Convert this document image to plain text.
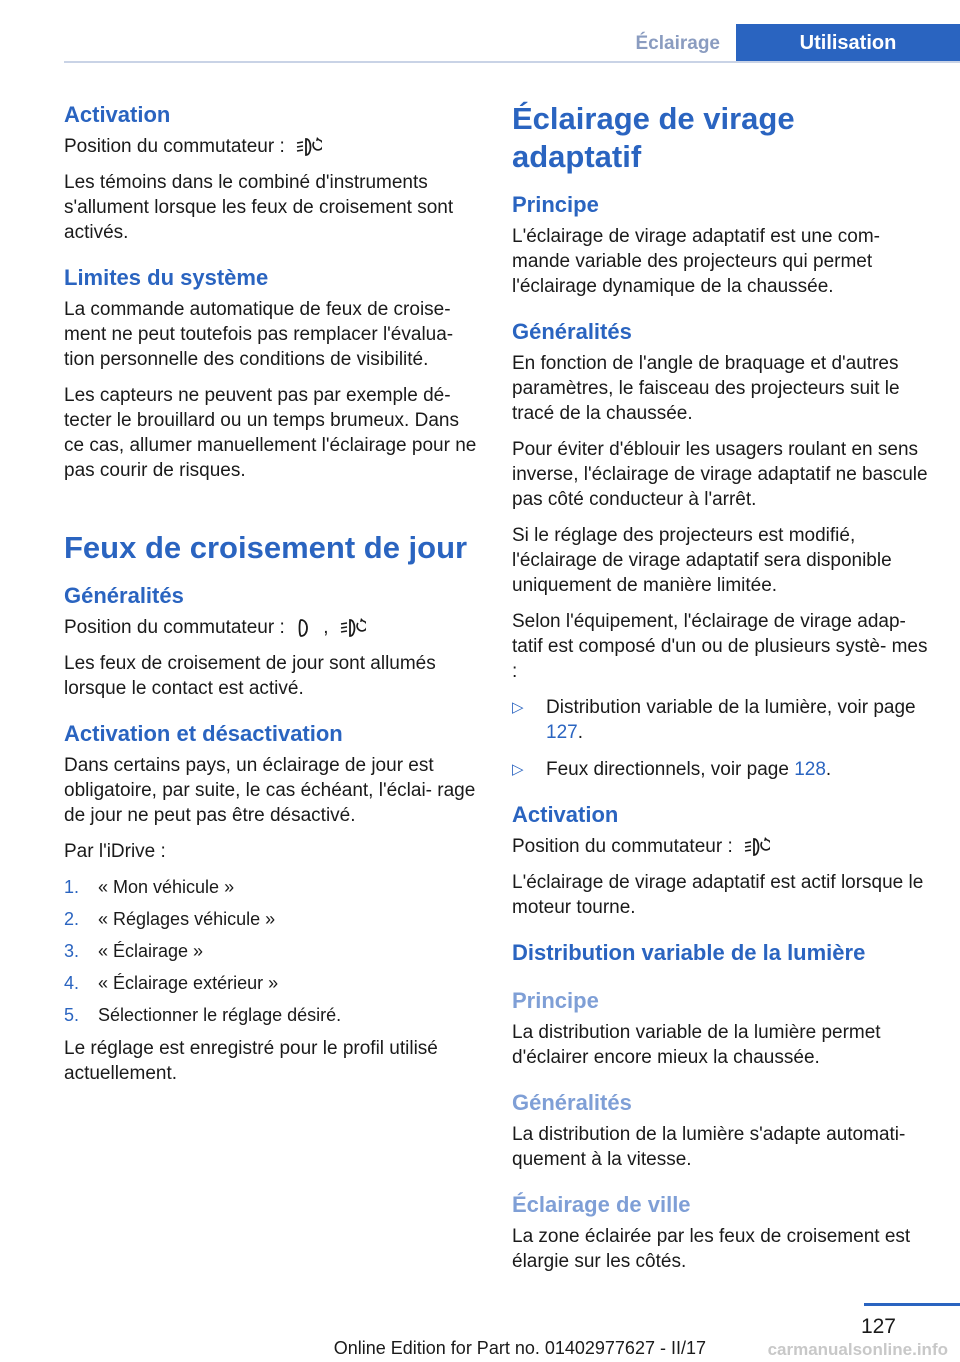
Éclairage	Utilisation
Activation

Position du commutateur :

Les témoins dans le combiné d'instruments s'allument lorsque les feux de croisement sont activés.

Limites du système

La commande automatique de feux de croise‐ ment ne peut toutefois pas remplacer l'évalua‐ tion personnelle des conditions de visibilité.

Les capteurs ne peuvent pas par exemple dé‐ tecter le brouillard ou un temps brumeux. Dans ce cas, allumer manuellement l'éclairage pour ne pas courir de risques.

Feux de croisement de jour
Généralités

Position du commutateur : ,

Les feux de croisement de jour sont allumés lorsque le contact est activé.

Activation et désactivation

Dans certains pays, un éclairage de jour est obligatoire, par suite, le cas échéant, l'éclai‐ rage de jour ne peut pas être désactivé.

Par l'iDrive :

1. « Mon véhicule »
2. « Réglages véhicule »
3. « Éclairage »
4. « Éclairage extérieur »
5. Sélectionner le réglage désiré.

Le réglage est enregistré pour le profil utilisé actuellement.

Éclairage de virage adaptatif
Principe

L'éclairage de virage adaptatif est une com‐ mande variable des projecteurs qui permet l'éclairage dynamique de la chaussée.

Généralités

En fonction de l'angle de braquage et d'autres paramètres, le faisceau des projecteurs suit le tracé de la chaussée.

Pour éviter d'éblouir les usagers roulant en sens inverse, l'éclairage de virage adaptatif ne bascule pas côté conducteur à l'arrêt.

Si le réglage des projecteurs est modifié, l'éclairage de virage adaptatif sera disponible uniquement de manière limitée.

Selon l'équipement, l'éclairage de virage adap‐ tatif est composé d'un ou de plusieurs systè‐ mes :

▷ Distribution variable de la lumière, voir page 127.
▷ Feux directionnels, voir page 128.
Activation

Position du commutateur :

L'éclairage de virage adaptatif est actif lorsque le moteur tourne.

Distribution variable de la lumière
Principe

La distribution variable de la lumière permet d'éclairer encore mieux la chaussée.

Généralités

La distribution de la lumière s'adapte automati‐ quement à la vitesse.

Éclairage de ville

La zone éclairée par les feux de croisement est élargie sur les côtés.

127
Online Edition for Part no. 01402977627 - II/17	carmanualsonline.info
